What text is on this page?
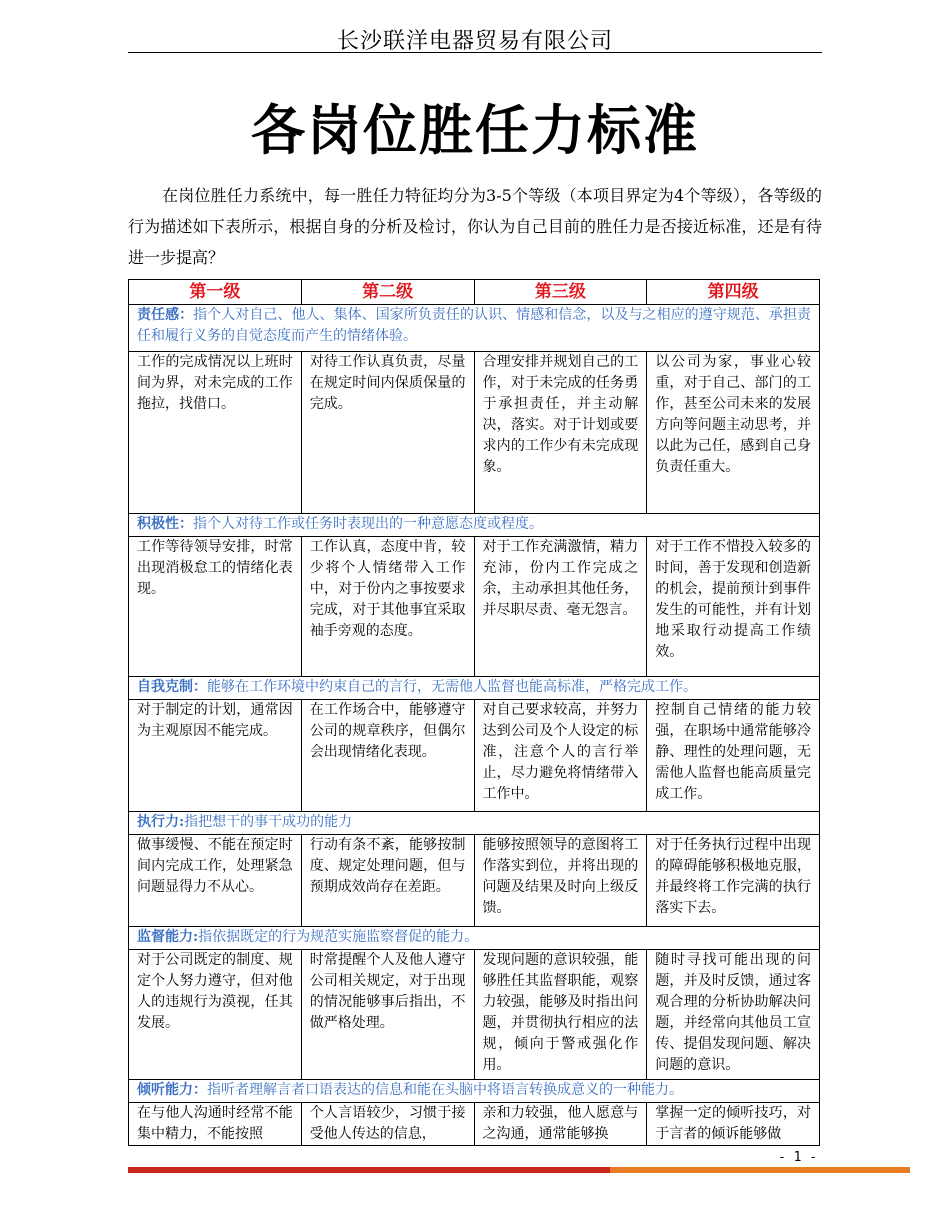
长沙联洋电器贸易有限公司
各岗位胜任力标准
在岗位胜任力系统中，每一胜任力特征均分为3-5个等级（本项目界定为4个等级），各等级的行为描述如下表所示，根据自身的分析及检讨，你认为自己目前的胜任力是否接近标准，还是有待进一步提高？
第一级	第二级	第三级	第四级
责任感：指个人对自己、他人、集体、国家所负责任的认识、情感和信念，以及与之相应的遵守规范、承担责任和履行义务的自觉态度而产生的情绪体验。			
工作的完成情况以上班时间为界，对未完成的工作拖拉，找借口。	对待工作认真负责，尽量在规定时间内保质保量的完成。	合理安排并规划自己的工作，对于未完成的任务勇于承担责任，并主动解决，落实。对于计划或要求内的工作少有未完成现象。	以公司为家，事业心较重，对于自己、部门的工作，甚至公司未来的发展方向等问题主动思考，并以此为己任，感到自己身负责任重大。
积极性：指个人对待工作或任务时表现出的一种意愿态度或程度。			
工作等待领导安排，时常出现消极怠工的情绪化表现。	工作认真，态度中肯，较少将个人情绪带入工作中，对于份内之事按要求完成，对于其他事宜采取袖手旁观的态度。	对于工作充满激情，精力充沛，份内工作完成之余，主动承担其他任务，并尽职尽责、毫无怨言。	对于工作不惜投入较多的时间，善于发现和创造新的机会，提前预计到事件发生的可能性，并有计划地采取行动提高工作绩效。
自我克制：能够在工作环境中约束自己的言行，无需他人监督也能高标准，严格完成工作。			
对于制定的计划，通常因为主观原因不能完成。	在工作场合中，能够遵守公司的规章秩序，但偶尔会出现情绪化表现。	对自己要求较高，并努力达到公司及个人设定的标准，注意个人的言行举止，尽力避免将情绪带入工作中。	控制自己情绪的能力较强，在职场中通常能够冷静、理性的处理问题，无需他人监督也能高质量完成工作。
执行力:指把想干的事干成功的能力			
做事缓慢、不能在预定时间内完成工作，处理紧急问题显得力不从心。	行动有条不紊，能够按制度、规定处理问题，但与预期成效尚存在差距。	能够按照领导的意图将工作落实到位，并将出现的问题及结果及时向上级反馈。	对于任务执行过程中出现的障碍能够积极地克服，并最终将工作完满的执行落实下去。
监督能力:指依据既定的行为规范实施监察督促的能力。			
对于公司既定的制度、规定个人努力遵守，但对他人的违规行为漠视，任其发展。	时常提醒个人及他人遵守公司相关规定，对于出现的情况能够事后指出，不做严格处理。	发现问题的意识较强，能够胜任其监督职能，观察力较强，能够及时指出问题，并贯彻执行相应的法规，倾向于警戒强化作用。	随时寻找可能出现的问题，并及时反馈，通过客观合理的分析协助解决问题，并经常向其他员工宣传、提倡发现问题、解决问题的意识。
倾听能力：指听者理解言者口语表达的信息和能在头脑中将语言转换成意义的一种能力。			
在与他人沟通时经常不能集中精力，不能按照	个人言语较少，习惯于接受他人传达的信息，	亲和力较强，他人愿意与之沟通，通常能够换	掌握一定的倾听技巧，对于言者的倾诉能够做
- 1 -
